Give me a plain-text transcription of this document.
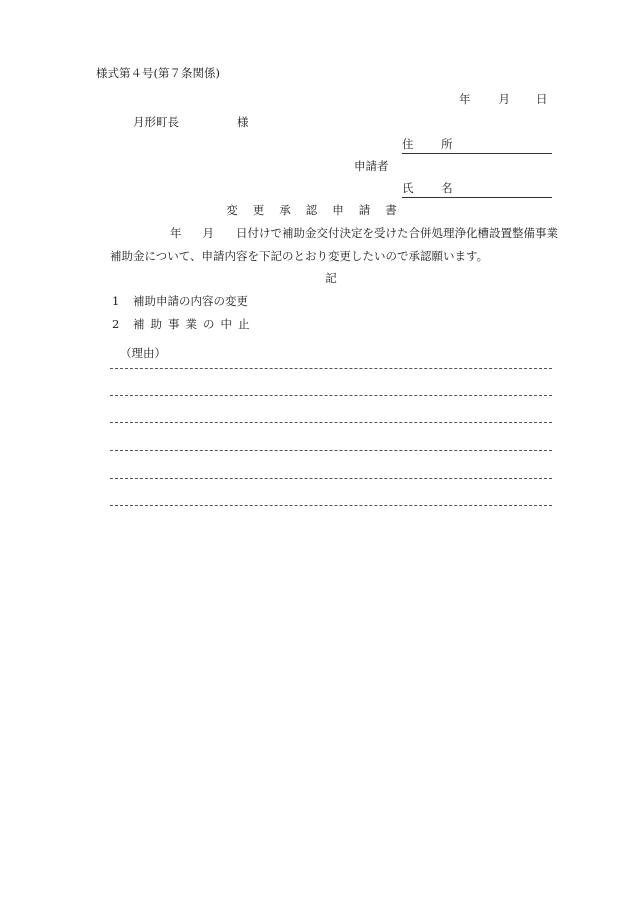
様式第４号(第７条関係)
年 月 日
月形町長	様
住 所
申請者
氏 名
変更承認申請書
年 月 日付けで補助金交付決定を受けた合併処理浄化槽設置整備事業
補助金について、申請内容を下記のとおり変更したいので承認願います。
記
1 補助申請の内容の変更
2 補助事業の中止
（理由）
